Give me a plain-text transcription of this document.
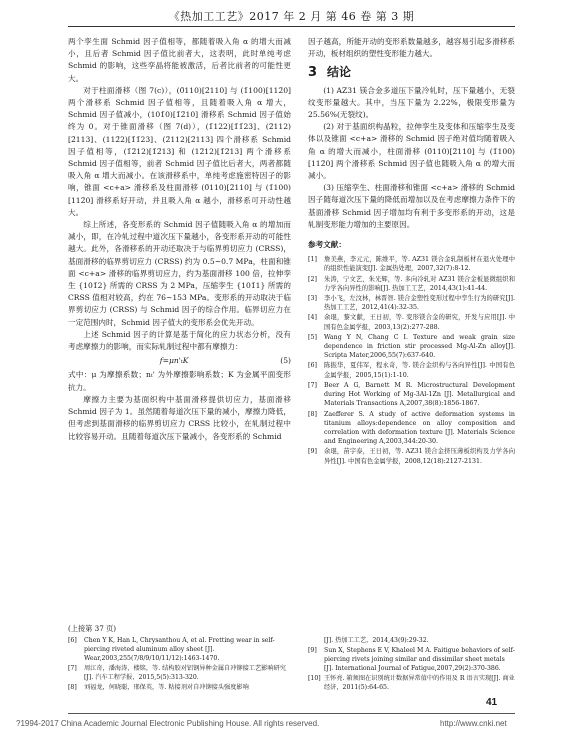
《热加工工艺》2017 年 2 月 第 46 卷 第 3 期

两个孪生面 Schmid 因子值相等，都随着吸入角 α 的增大而减小，且后者 Schmid 因子值比前者大，这表明，此时单纯考虑 Schmid 的影响，这些孪晶将能被激活，后者比前者的可能性更大。

对于柱面滑移（图 7(c)），(0̄110)[2̄110] 与 (1̄100)[112̄0] 两个滑移系 Schmid 因子值相等，且随着吸入角 α 增大，Schmid 因子值减小，(101̄0)[1̄2̄10] 滑移系 Schmid 因子值始终为 0。对于锥面滑移（图 7(d)），(1̄122)[1̄1̄23]、(2̄112)[2̄113]、(112̄2)[1̄1̄23]、(2̄112)[2̄113] 四个滑移系 Schmid 因子值相等，(1̄2̄12)[1̄2̄13] 和 (12̄12)[1̄2̄13] 两个滑移系 Schmid 因子值相等，前者 Schmid 因子值比后者大，两者都随吸入角 α 增大而减小。在该滑移系中，单纯考虑施密特因子的影响，锥面 <c+a> 滑移系及柱面滑移 (0̄110)[2̄110] 与 (1̄100)[112̄0] 滑移系好开动，并且吸入角 α 越小，滑移系可开动性越大。

综上所述，各变形系的 Schmid 因子值随吸入角 α 的增加而减小，即，在冷轧过程中道次压下量越小，各变形系开动的可能性越大。此外，各滑移系的开动还取决于与临界剪切应力 (CRSS)，基面滑移的临界剪切应力 (CRSS) 约为 0.5~0.7 MPa，柱面和锥面 <c+a> 滑移的临界剪切应力，约为基面滑移 100 倍，拉伸孪生 {101̄2} 所需的 CRSS 为 2 MPa，压缩孪生 {101̄1} 所需的 CRSS 值相对较高，约在 76~153 MPa。变形系的开动取决于临界剪切应力 (CRSS) 与 Schmid 因子的综合作用。临界切应力在一定范围内时，Schmid 因子值大的变形系会优先开动。

上述 Schmid 因子的计算是基于简化的应力状态分析，没有考虑摩擦力的影响，而实际轧制过程中都有摩擦力：

f=μn'ₜK	(5)

式中：μ 为摩擦系数；nₜ' 为外摩擦影响系数；K 为金属平面变形抗力。

摩擦力主要为基面织构中基面滑移提供切应力，基面滑移 Schmid 因子为 1。虽然随着每道次压下量的减小，摩擦力降低，但考虑到基面滑移的临界剪切应力 CRSS 比较小，在轧制过程中比较容易开动。且随着每道次压下量减小，各变形系的 Schmid

因子越高，所能开动的变形系数量越多，越容易引起多滑移系开动，板材组织的塑性变形能力越大。

3 结论

(1) AZ31 镁合金多道压下量冷轧时，压下量越小，无裂纹变形量越大。其中，当压下量为 2.22%，极限变形量为 25.56%(无裂纹)。

(2) 对于基面织构晶粒，拉伸孪生及变体和压缩孪生及变体以及锥面 <c+a> 滑移的 Schmid 因子绝对值均随着吸入角 α 的增大而减小，柱面滑移 (0̄110)[2̄110] 与 (1̄100)[112̄0] 两个滑移系 Schmid 因子值也随吸入角 α 的增大而减小。

(3) 压缩孪生、柱面滑移和锥面 <c+a> 滑移的 Schmid 因子随每道次压下量的降低而增加以及在考虑摩擦力条件下的基面滑移 Schmid 因子增加均有利于多变形系的开动，这是轧制变形能力增加的主要原因。

参考文献：
[1]	詹美燕，李元元，陈维平，等. AZ31 镁合金轧制板材在退火处理中的组织性能演变[J]. 金属热处理，2007,32(7):8-12.
[2]	朱涛，宁文艺，朱光辉，等. 多向冷轧对 AZ31 镁合金板显微组织和力学各向异性的影响[J]. 热加工工艺，2014,43(1):41-44.
[3]	李小飞，左汶林，林晋智. 镁合金塑性变形过程中孪生行为的研究[J]. 热加工工艺，2012,41(4):32-35.
[4]	余琨，黎文献，王日初，等. 变形镁合金的研究，开发与应用[J]. 中国有色金属学报，2003,13(2):277-288.
[5]	Wang Y N, Chang C I. Texture and weak grain size dependence in friction stir processed Mg-Al-Zn alloy[J]. Scripta Mater,2006,55(7):637-640.
[6]	陈振华，夏伟军，程永奇，等. 镁合金织构与各向异性[J]. 中国有色金属学报，2005,15(1):1-10.
[7]	Beer A G, Barnett M R. Microstructural Development during Hot Working of Mg-3Al-1Zn [J]. Metallurgical and Materials Transactions A,2007,38(8):1856-1867.
[8]	Zaefferer S. A study of active deformation systems in titanium alloys:dependence on alloy composition and correlation with deformation texture [J]. Materials Science and Engineering A,2003,344:20-30.
[9]	余琨，苗宇泰，王日初，等. AZ31 镁合金挤压薄板织构及力学各向异性[J]. 中国有色金属学报，2008,12(18):2127-2131.
(上接第 37 页)
[6]	Chen Y K, Han L, Chrysanthou A, et al. Fretting wear in self-piercing riveted aluminum alloy sheet [J]. Wear,2003,255(7/8/9/10/11/12):1463-1470.
[7]	周江奇，潘海涛，楼铭，等. 结构胶对铝钢异种金属自冲铆接工艺影响研究[J]. 汽车工程学报，2015,5(5):313-320.
[8]	刘福龙，何晓聪，邢保英，等. 粘接剂对自冲铆接头强度影响
[J]. 热加工工艺，2014,43(9):29-32.
[9]	Sun X, Stephens E V, Khaleel M A. Faitigue behaviors of self-piercing rivets joining similar and dissimilar sheet metals [J]. International Journal of Fatigue,2007,29(2):370-386.
[10] 王怀亮. 箱须图在识别统计数据异常值中的作用及 R 语言实现[J]. 商业经济，2011(5):64-65.
41
?1994-2017 China Academic Journal Electronic Publishing House. All rights reserved.	http://www.cnki.net
